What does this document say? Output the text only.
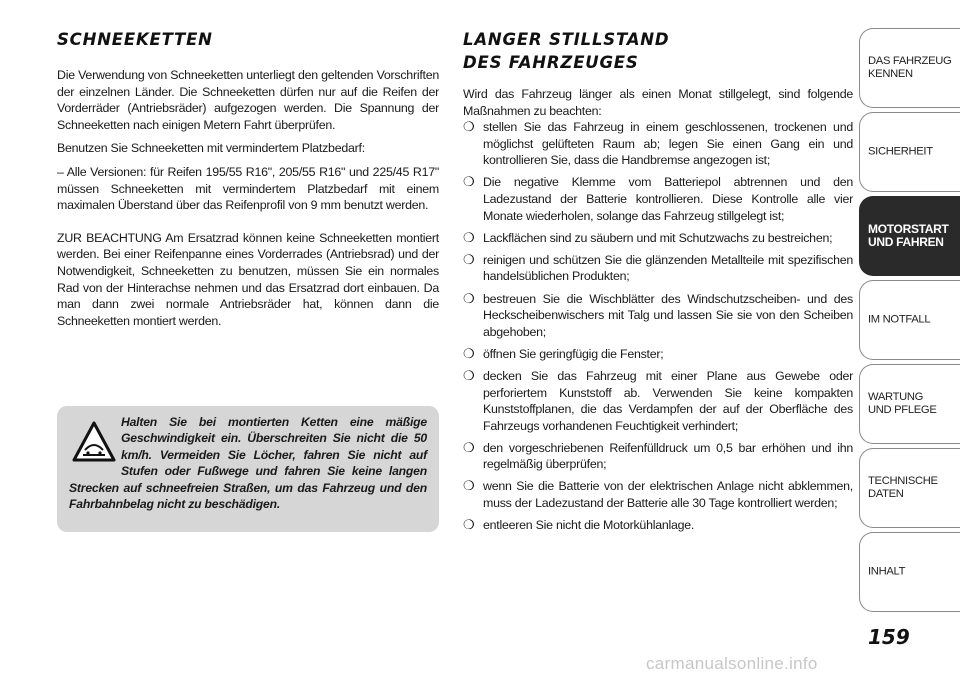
SCHNEEKETTEN

Die Verwendung von Schneeketten unterliegt den geltenden Vorschriften der einzelnen Länder. Die Schneeketten dürfen nur auf die Reifen der Vorderräder (Antriebsräder) aufgezogen werden. Die Spannung der Schneeketten nach einigen Metern Fahrt überprüfen.

Benutzen Sie Schneeketten mit vermindertem Platzbedarf:

– Alle Versionen: für Reifen 195/55 R16", 205/55 R16" und 225/45 R17" müssen Schneeketten mit vermindertem Platzbedarf mit einem maximalen Überstand über das Reifenprofil von 9 mm benutzt werden.

ZUR BEACHTUNG Am Ersatzrad können keine Schneeketten montiert werden. Bei einer Reifenpanne eines Vorderrades (Antriebsrad) und der Notwendigkeit, Schneeketten zu benutzen, müssen Sie ein normales Rad von der Hinterachse nehmen und das Ersatzrad dort einbauen. Da man dann zwei normale Antriebsräder hat, können dann die Schneeketten montiert werden.

Halten Sie bei montierten Ketten eine mäßige Geschwindigkeit ein. Überschreiten Sie nicht die 50 km/h. Vermeiden Sie Löcher, fahren Sie nicht auf Stufen oder Fußwege und fahren Sie keine langen Strecken auf schneefreien Straßen, um das Fahrzeug und den Fahrbahnbelag nicht zu beschädigen.
LANGER STILLSTAND
DES FAHRZEUGES

Wird das Fahrzeug länger als einen Monat stillgelegt, sind folgende Maßnahmen zu beachten:

❍ stellen Sie das Fahrzeug in einem geschlossenen, trockenen und möglichst gelüfteten Raum ab; legen Sie einen Gang ein und kontrollieren Sie, dass die Handbremse angezogen ist;
❍ Die negative Klemme vom Batteriepol abtrennen und den Ladezustand der Batterie kontrollieren. Diese Kontrolle alle vier Monate wiederholen, solange das Fahrzeug stillgelegt ist;
❍ Lackflächen sind zu säubern und mit Schutzwachs zu bestreichen;
❍ reinigen und schützen Sie die glänzenden Metallteile mit spezifischen handelsüblichen Produkten;
❍ bestreuen Sie die Wischblätter des Windschutzscheiben- und des Heckscheibenwischers mit Talg und lassen Sie sie von den Scheiben abgehoben;
❍ öffnen Sie geringfügig die Fenster;
❍ decken Sie das Fahrzeug mit einer Plane aus Gewebe oder perforiertem Kunststoff ab. Verwenden Sie keine kompakten Kunststoffplanen, die das Verdampfen der auf der Oberfläche des Fahrzeugs vorhandenen Feuchtigkeit verhindert;
❍ den vorgeschriebenen Reifenfülldruck um 0,5 bar erhöhen und ihn regelmäßig überprüfen;
❍ wenn Sie die Batterie von der elektrischen Anlage nicht abklemmen, muss der Ladezustand der Batterie alle 30 Tage kontrolliert werden;
❍ entleeren Sie nicht die Motorkühlanlage.
DAS FAHRZEUG
KENNEN
SICHERHEIT
MOTORSTART
UND FAHREN
IM NOTFALL
WARTUNG
UND PFLEGE
TECHNISCHE
DATEN
INHALT
159
carmanualsonline.info
